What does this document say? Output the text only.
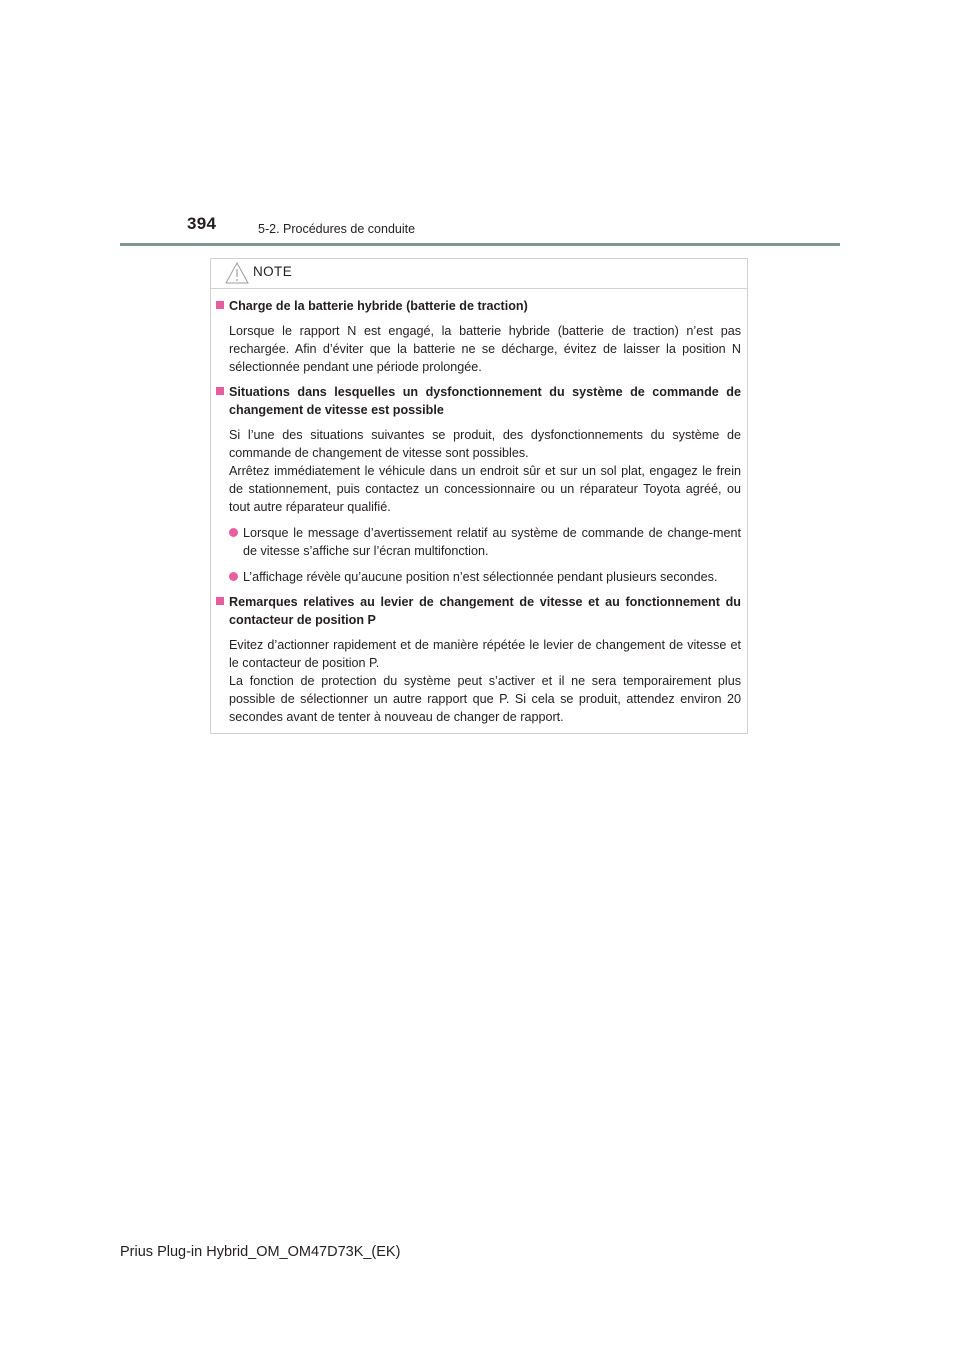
394	5-2. Procédures de conduite
NOTE
Charge de la batterie hybride (batterie de traction)
Lorsque le rapport N est engagé, la batterie hybride (batterie de traction) n’est pas rechargée. Afin d’éviter que la batterie ne se décharge, évitez de laisser la position N sélectionnée pendant une période prolongée.
Situations dans lesquelles un dysfonctionnement du système de commande de changement de vitesse est possible
Si l’une des situations suivantes se produit, des dysfonctionnements du système de commande de changement de vitesse sont possibles.
Arrêtez immédiatement le véhicule dans un endroit sûr et sur un sol plat, engagez le frein de stationnement, puis contactez un concessionnaire ou un réparateur Toyota agréé, ou tout autre réparateur qualifié.
Lorsque le message d’avertissement relatif au système de commande de change-ment de vitesse s’affiche sur l’écran multifonction.
L’affichage révèle qu’aucune position n’est sélectionnée pendant plusieurs secondes.
Remarques relatives au levier de changement de vitesse et au fonctionnement du contacteur de position P
Evitez d’actionner rapidement et de manière répétée le levier de changement de vitesse et le contacteur de position P.
La fonction de protection du système peut s’activer et il ne sera temporairement plus possible de sélectionner un autre rapport que P. Si cela se produit, attendez environ 20 secondes avant de tenter à nouveau de changer de rapport.
Prius Plug-in Hybrid_OM_OM47D73K_(EK)
